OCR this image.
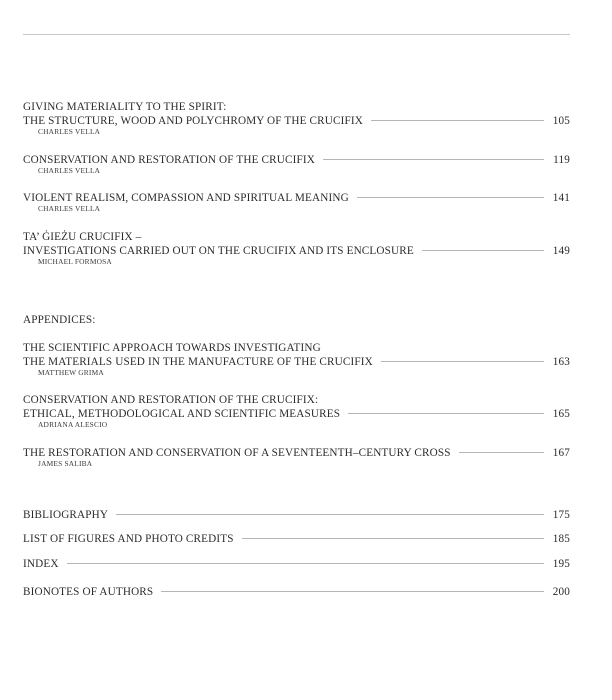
GIVING MATERIALITY TO THE SPIRIT:
THE STRUCTURE, WOOD AND POLYCHROMY OF THE CRUCIFIX	105
CHARLES VELLA
CONSERVATION AND RESTORATION OF THE CRUCIFIX	119
CHARLES VELLA
VIOLENT REALISM, COMPASSION AND SPIRITUAL MEANING	141
CHARLES VELLA
TA’ ĠIEŻU CRUCIFIX –
INVESTIGATIONS CARRIED OUT ON THE CRUCIFIX AND ITS ENCLOSURE	149
MICHAEL FORMOSA
APPENDICES:
THE SCIENTIFIC APPROACH TOWARDS INVESTIGATING
THE MATERIALS USED IN THE MANUFACTURE OF THE CRUCIFIX	163
MATTHEW GRIMA
CONSERVATION AND RESTORATION OF THE CRUCIFIX:
ETHICAL, METHODOLOGICAL AND SCIENTIFIC MEASURES	165
ADRIANA ALESCIO
THE RESTORATION AND CONSERVATION OF A SEVENTEENTH–CENTURY CROSS	167
JAMES SALIBA
BIBLIOGRAPHY	175
LIST OF FIGURES AND PHOTO CREDITS	185
INDEX	195
BIONOTES OF AUTHORS	200
